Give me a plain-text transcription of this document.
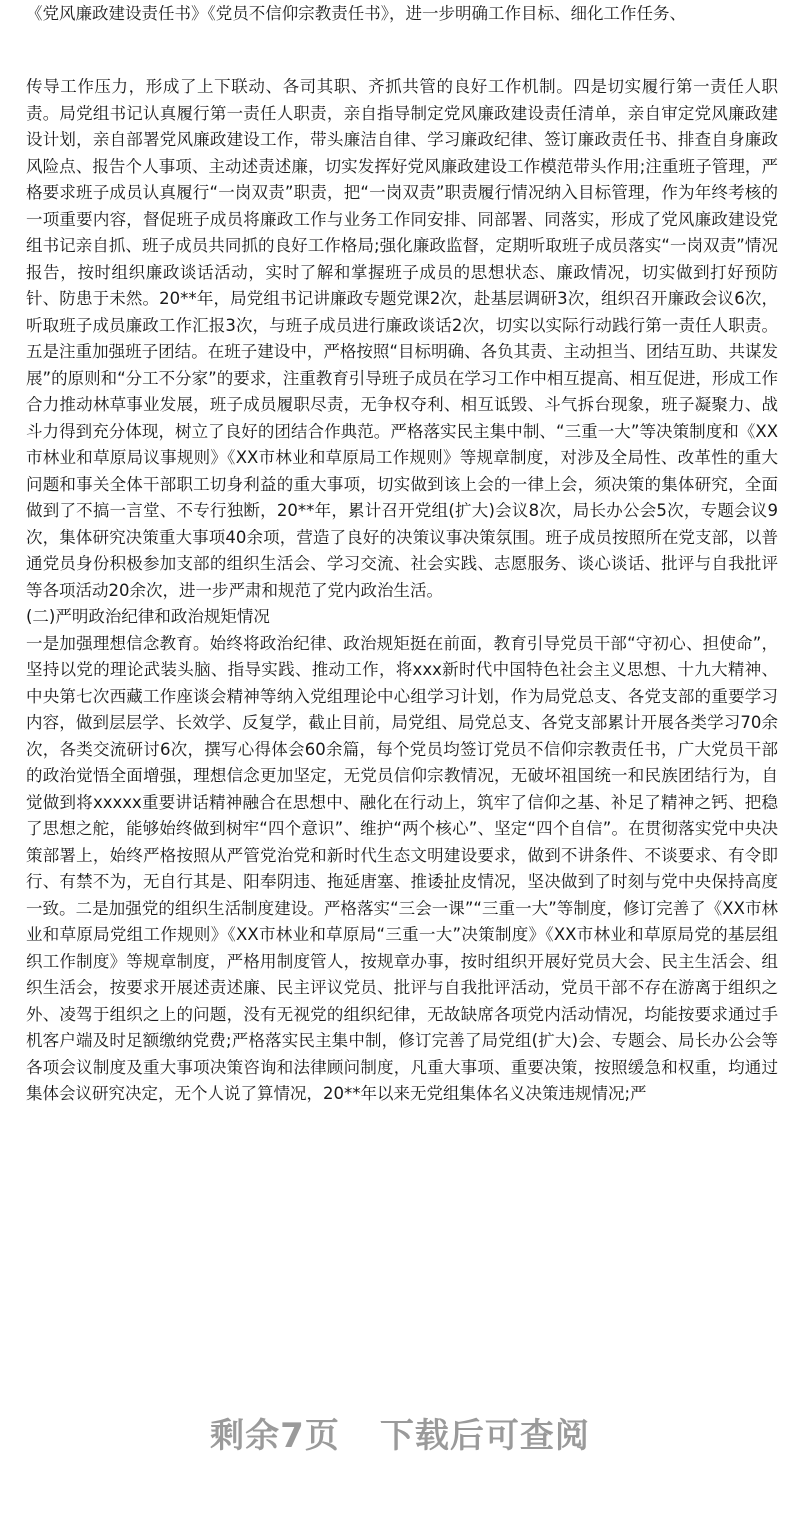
《党风廉政建设责任书》《党员不信仰宗教责任书》，进一步明确工作目标、细化工作任务、

传导工作压力，形成了上下联动、各司其职、齐抓共管的良好工作机制。四是切实履行第一责任人职责。局党组书记认真履行第一责任人职责，亲自指导制定党风廉政建设责任清单，亲自审定党风廉政建设计划，亲自部署党风廉政建设工作，带头廉洁自律、学习廉政纪律、签订廉政责任书、排查自身廉政风险点、报告个人事项、主动述责述廉，切实发挥好党风廉政建设工作模范带头作用;注重班子管理，严格要求班子成员认真履行“一岗双责”职责，把“一岗双责”职责履行情况纳入目标管理，作为年终考核的一项重要内容，督促班子成员将廉政工作与业务工作同安排、同部署、同落实，形成了党风廉政建设党组书记亲自抓、班子成员共同抓的良好工作格局;强化廉政监督，定期听取班子成员落实“一岗双责”情况报告，按时组织廉政谈话活动，实时了解和掌握班子成员的思想状态、廉政情况，切实做到打好预防针、防患于未然。20**年，局党组书记讲廉政专题党课2次，赴基层调研3次，组织召开廉政会议6次，听取班子成员廉政工作汇报3次，与班子成员进行廉政谈话2次，切实以实际行动践行第一责任人职责。五是注重加强班子团结。在班子建设中，严格按照“目标明确、各负其责、主动担当、团结互助、共谋发展”的原则和“分工不分家”的要求，注重教育引导班子成员在学习工作中相互提高、相互促进，形成工作合力推动林草事业发展，班子成员履职尽责，无争权夺利、相互诋毁、斗气拆台现象，班子凝聚力、战斗力得到充分体现，树立了良好的团结合作典范。严格落实民主集中制、“三重一大”等决策制度和《XX市林业和草原局议事规则》《XX市林业和草原局工作规则》等规章制度，对涉及全局性、改革性的重大问题和事关全体干部职工切身利益的重大事项，切实做到该上会的一律上会，须决策的集体研究，全面做到了不搞一言堂、不专行独断，20**年，累计召开党组(扩大)会议8次，局长办公会5次，专题会议9次，集体研究决策重大事项40余项，营造了良好的决策议事决策氛围。班子成员按照所在党支部，以普通党员身份积极参加支部的组织生活会、学习交流、社会实践、志愿服务、谈心谈话、批评与自我批评等各项活动20余次，进一步严肃和规范了党内政治生活。

(二)严明政治纪律和政治规矩情况

一是加强理想信念教育。始终将政治纪律、政治规矩挺在前面，教育引导党员干部“守初心、担使命”，坚持以党的理论武装头脑、指导实践、推动工作，将xxx新时代中国特色社会主义思想、十九大精神、中央第七次西藏工作座谈会精神等纳入党组理论中心组学习计划，作为局党总支、各党支部的重要学习内容，做到层层学、长效学、反复学，截止目前，局党组、局党总支、各党支部累计开展各类学习70余次，各类交流研讨6次，撰写心得体会60余篇，每个党员均签订党员不信仰宗教责任书，广大党员干部的政治觉悟全面增强，理想信念更加坚定，无党员信仰宗教情况，无破坏祖国统一和民族团结行为，自觉做到将xxxxx重要讲话精神融合在思想中、融化在行动上，筑牢了信仰之基、补足了精神之钙、把稳了思想之舵，能够始终做到树牢“四个意识”、维护“两个核心”、坚定“四个自信”。在贯彻落实党中央决策部署上，始终严格按照从严管党治党和新时代生态文明建设要求，做到不讲条件、不谈要求、有令即行、有禁不为，无自行其是、阳奉阴违、拖延唐塞、推诿扯皮情况，坚决做到了时刻与党中央保持高度一致。二是加强党的组织生活制度建设。严格落实“三会一课”“三重一大”等制度，修订完善了《XX市林业和草原局党组工作规则》《XX市林业和草原局“三重一大”决策制度》《XX市林业和草原局党的基层组织工作制度》等规章制度，严格用制度管人，按规章办事，按时组织开展好党员大会、民主生活会、组织生活会，按要求开展述责述廉、民主评议党员、批评与自我批评活动，党员干部不存在游离于组织之外、凌驾于组织之上的问题，没有无视党的组织纪律，无故缺席各项党内活动情况，均能按要求通过手机客户端及时足额缴纳党费;严格落实民主集中制，修订完善了局党组(扩大)会、专题会、局长办公会等各项会议制度及重大事项决策咨询和法律顾问制度，凡重大事项、重要决策，按照缓急和权重，均通过集体会议研究决定，无个人说了算情况，20**年以来无党组集体名义决策违规情况;严

剩余7页 下载后可查阅
